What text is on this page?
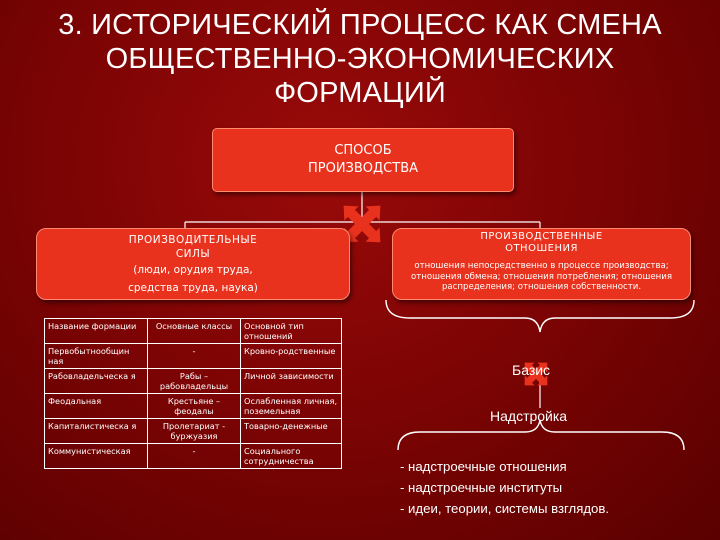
3. ИСТОРИЧЕСКИЙ ПРОЦЕСС КАК СМЕНА
ОБЩЕСТВЕННО-ЭКОНОМИЧЕСКИХ
ФОРМАЦИЙ
СПОСОБ
ПРОИЗВОДСТВА
ПРОИЗВОДИТЕЛЬНЫЕ
СИЛЫ
(люди, орудия труда,
средства труда, наука)
ПРОИЗВОДСТВЕННЫЕ
ОТНОШЕНИЯ
отношения непосредственно в процессе производства; отношения обмена; отношения потребления; отношения распределения; отношения собственности.
Название формации	Основные классы	Основной тип отношений
Первобытнообщин ная	-	Кровно-родственные
Рабовладельческа я	Рабы – рабовладельцы	Личной зависимости
Феодальная	Крестьяне – феодалы	Ослабленная личная, поземельная
Капиталистическа я	Пролетариат - буржуазия	Товарно-денежные
Коммунистическая	-	Социального сотрудничества
Базис
Надстройка
- надстроечные отношения
- надстроечные институты
- идеи, теории, системы взглядов.
